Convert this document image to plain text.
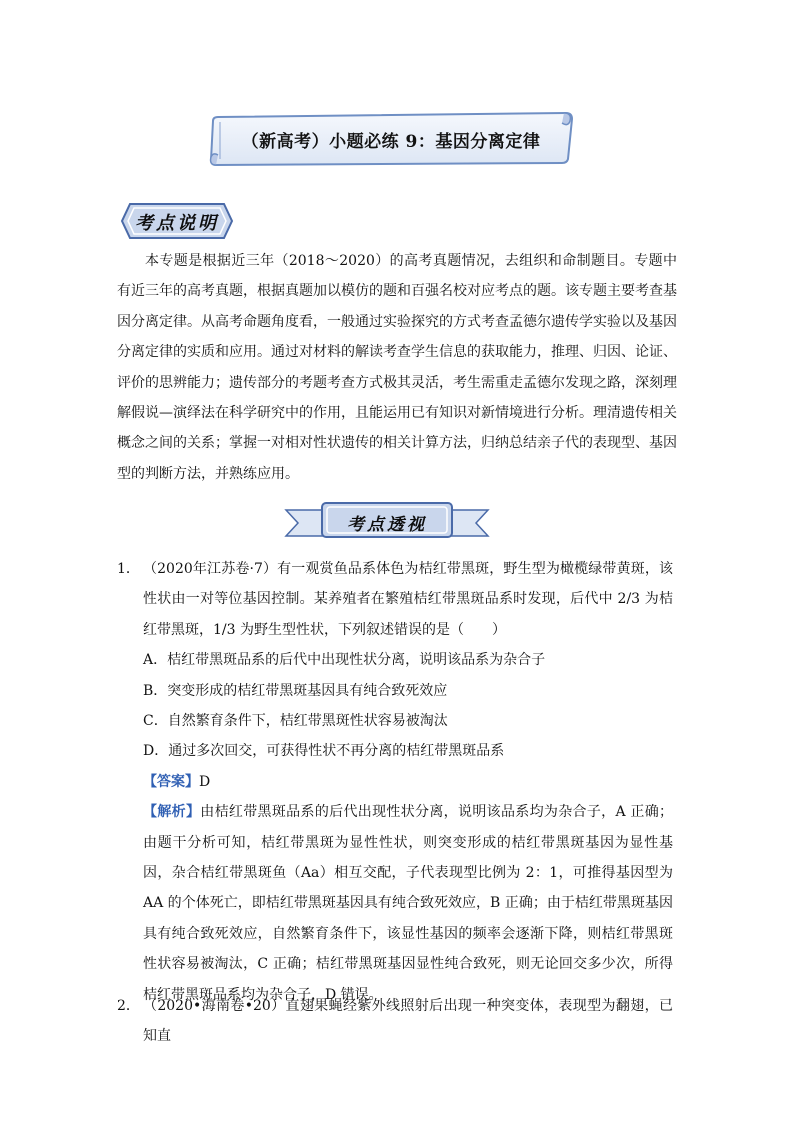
（新高考）小题必练 9：基因分离定律
考点说明

本专题是根据近三年（2018～2020）的高考真题情况，去组织和命制题目。专题中有近三年的高考真题，根据真题加以模仿的题和百强名校对应考点的题。该专题主要考查基因分离定律。从高考命题角度看，一般通过实验探究的方式考查孟德尔遗传学实验以及基因分离定律的实质和应用。通过对材料的解读考查学生信息的获取能力，推理、归因、论证、评价的思辨能力；遗传部分的考题考查方式极其灵活，考生需重走孟德尔发现之路，深刻理解假说—演绎法在科学研究中的作用，且能运用已有知识对新情境进行分析。理清遗传相关概念之间的关系；掌握一对相对性状遗传的相关计算方法，归纳总结亲子代的表现型、基因型的判断方法，并熟练应用。

考点透视
1． （2020年江苏卷·7）有一观赏鱼品系体色为桔红带黑斑，野生型为橄榄绿带黄斑，该性状由一对等位基因控制。某养殖者在繁殖桔红带黑斑品系时发现，后代中 2/3 为桔红带黑斑，1/3 为野生型性状，下列叙述错误的是（　　）
A．桔红带黑斑品系的后代中出现性状分离，说明该品系为杂合子
B．突变形成的桔红带黑斑基因具有纯合致死效应
C．自然繁育条件下，桔红带黑斑性状容易被淘汰
D．通过多次回交，可获得性状不再分离的桔红带黑斑品系
【答案】D
【解析】由桔红带黑斑品系的后代出现性状分离，说明该品系均为杂合子，A 正确；由题干分析可知，桔红带黑斑为显性性状，则突变形成的桔红带黑斑基因为显性基因，杂合桔红带黑斑鱼（Aa）相互交配，子代表现型比例为 2：1，可推得基因型为 AA 的个体死亡，即桔红带黑斑基因具有纯合致死效应，B 正确；由于桔红带黑斑基因具有纯合致死效应，自然繁育条件下，该显性基因的频率会逐渐下降，则桔红带黑斑性状容易被淘汰，C 正确；桔红带黑斑基因显性纯合致死，则无论回交多少次，所得桔红带黑斑品系均为杂合子，D 错误。
2． （2020•海南卷•20）直翅果蝇经紫外线照射后出现一种突变体，表现型为翻翅，已知直
